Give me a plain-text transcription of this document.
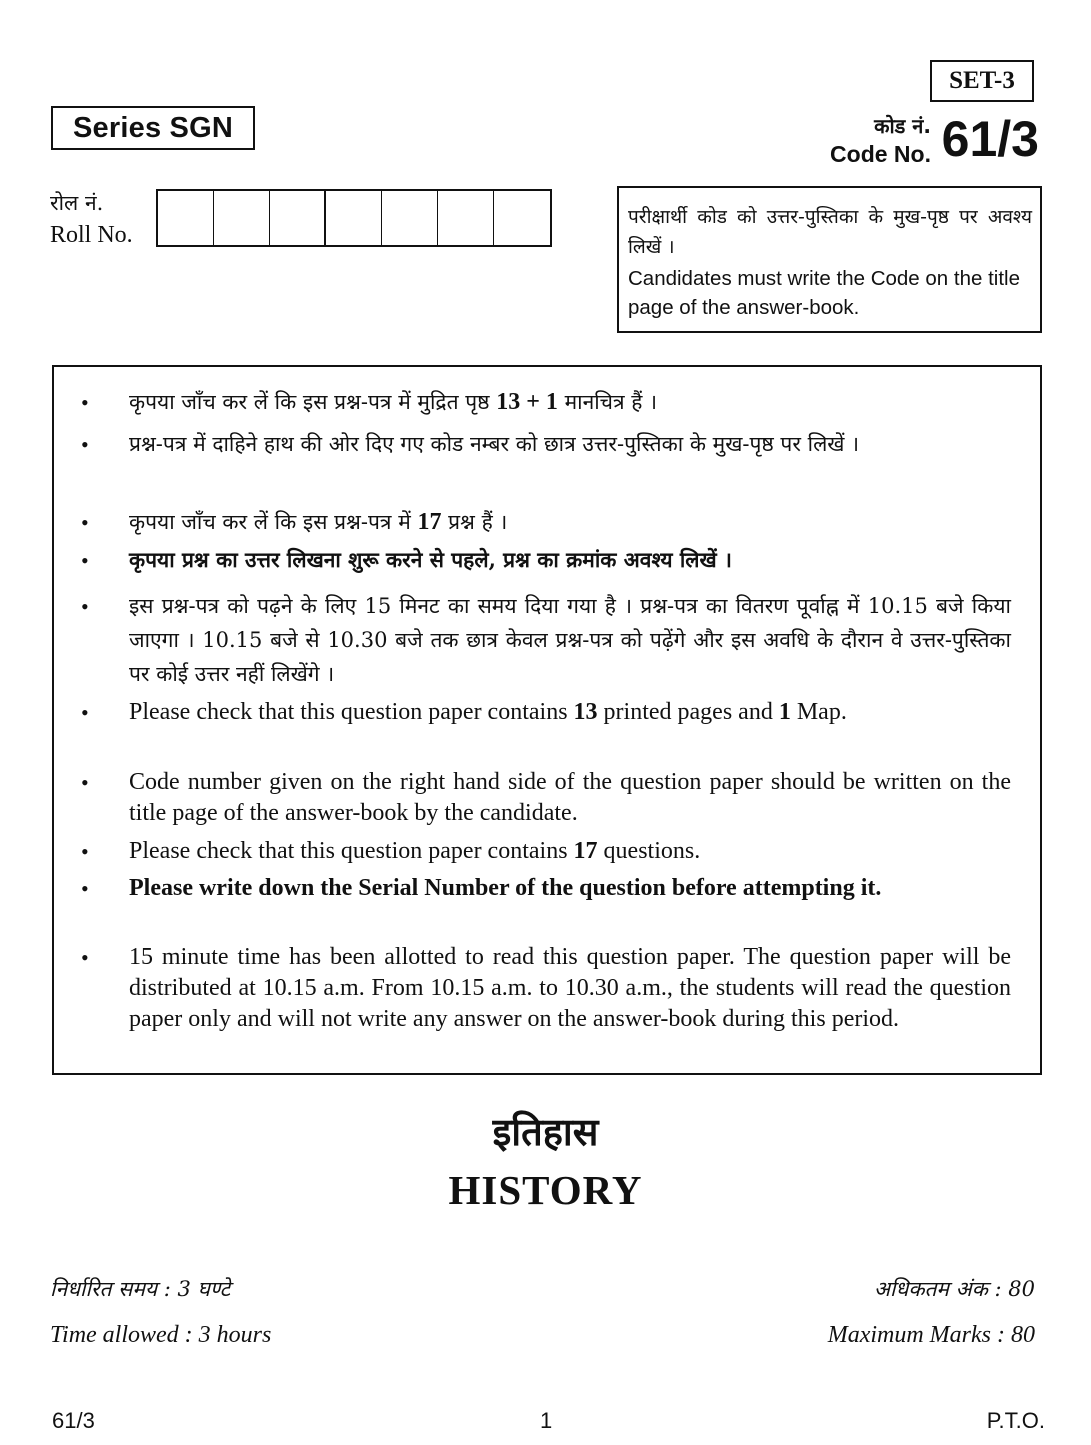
SET-3
Series SGN	कोड नं.
Code No. 61/3
रोल नं.
Roll No.
परीक्षार्थी कोड को उत्तर-पुस्तिका के मुख-पृष्ठ पर अवश्य लिखें ।
Candidates must write the Code on the title page of the answer-book.
• कृपया जाँच कर लें कि इस प्रश्न-पत्र में मुद्रित पृष्ठ 13 + 1 मानचित्र हैं ।
• प्रश्न-पत्र में दाहिने हाथ की ओर दिए गए कोड नम्बर को छात्र उत्तर-पुस्तिका के मुख-पृष्ठ पर लिखें ।
• कृपया जाँच कर लें कि इस प्रश्न-पत्र में 17 प्रश्न हैं ।
• कृपया प्रश्न का उत्तर लिखना शुरू करने से पहले, प्रश्न का क्रमांक अवश्य लिखें ।
• इस प्रश्न-पत्र को पढ़ने के लिए 15 मिनट का समय दिया गया है । प्रश्न-पत्र का वितरण पूर्वाह्न में 10.15 बजे किया जाएगा । 10.15 बजे से 10.30 बजे तक छात्र केवल प्रश्न-पत्र को पढ़ेंगे और इस अवधि के दौरान वे उत्तर-पुस्तिका पर कोई उत्तर नहीं लिखेंगे ।
• Please check that this question paper contains 13 printed pages and 1 Map.
• Code number given on the right hand side of the question paper should be written on the title page of the answer-book by the candidate.
• Please check that this question paper contains 17 questions.
• Please write down the Serial Number of the question before attempting it.
• 15 minute time has been allotted to read this question paper. The question paper will be distributed at 10.15 a.m. From 10.15 a.m. to 10.30 a.m., the students will read the question paper only and will not write any answer on the answer-book during this period.
इतिहास
HISTORY
निर्धारित समय : 3 घण्टे
Time allowed : 3 hours
अधिकतम अंक : 80
Maximum Marks : 80
61/3	1	P.T.O.
